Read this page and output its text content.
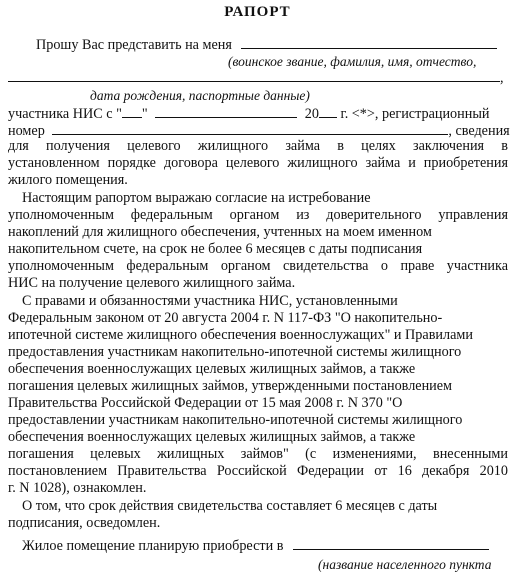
РАПОРТ
Прошу Вас представить на меня
(воинское звание, фамилия, имя, отчество,
,
дата рождения, паспортные данные)
участника НИС с " "	20 г. <*>, регистрационный
номер	, сведения
для получения целевого жилищного займа в целях заключения в
установленном порядке договора целевого жилищного займа и приобретения
жилого помещения.
Настоящим рапортом выражаю согласие на истребование
уполномоченным федеральным органом из доверительного управления
накоплений для жилищного обеспечения, учтенных на моем именном
накопительном счете, на срок не более 6 месяцев с даты подписания
уполномоченным федеральным органом свидетельства о праве участника
НИС на получение целевого жилищного займа.
С правами и обязанностями участника НИС, установленными
Федеральным законом от 20 августа 2004 г. N 117-ФЗ "О накопительно-
ипотечной системе жилищного обеспечения военнослужащих" и Правилами
предоставления участникам накопительно-ипотечной системы жилищного
обеспечения военнослужащих целевых жилищных займов, а также
погашения целевых жилищных займов, утвержденными постановлением
Правительства Российской Федерации от 15 мая 2008 г. N 370 "О
предоставлении участникам накопительно-ипотечной системы жилищного
обеспечения военнослужащих целевых жилищных займов, а также
погашения целевых жилищных займов" (с изменениями, внесенными
постановлением Правительства Российской Федерации от 16 декабря 2010
г. N 1028), ознакомлен.
О том, что срок действия свидетельства составляет 6 месяцев с даты
подписания, осведомлен.
Жилое помещение планирую приобрести в
(название населенного пункта
